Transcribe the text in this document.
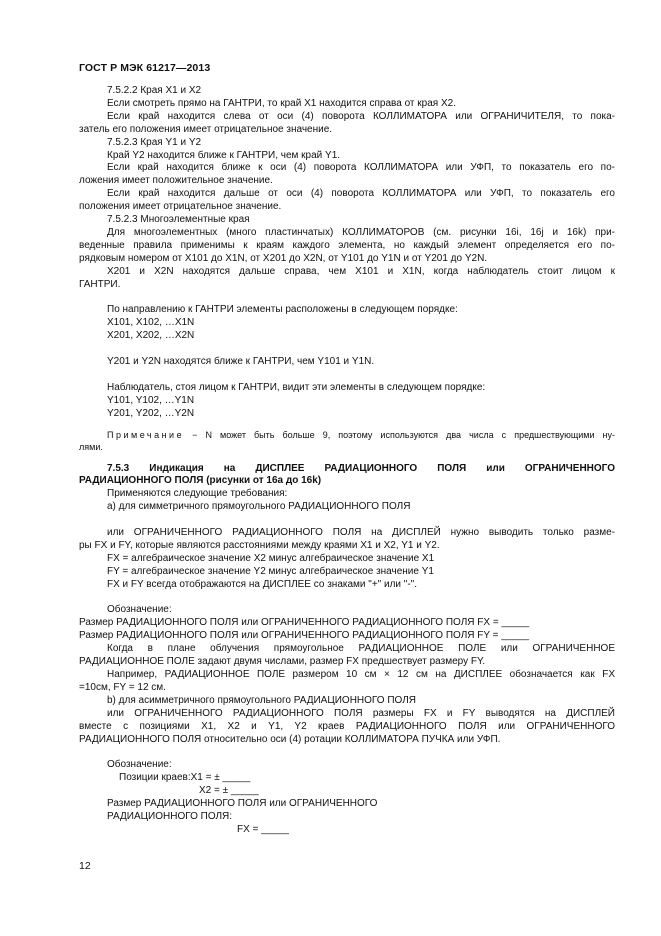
ГОСТ Р МЭК 61217—2013

7.5.2.2 Края X1 и X2

Если смотреть прямо на ГАНТРИ, то край X1 находится справа от края X2.

Если край находится слева от оси (4) поворота КОЛЛИМАТОРА или ОГРАНИЧИТЕЛЯ, то пока-

затель его положения имеет отрицательное значение.

7.5.2.3 Края Y1 и Y2

Край Y2 находится ближе к ГАНТРИ, чем край Y1.

Если край находится ближе к оси (4) поворота КОЛЛИМАТОРА или УФП, то показатель его по-

ложения имеет положительное значение.

Если край находится дальше от оси (4) поворота КОЛЛИМАТОРА или УФП, то показатель его

положения имеет отрицательное значение.

7.5.2.3 Многоэлементные края

Для многоэлементных (много пластинчатых) КОЛЛИМАТОРОВ (см. рисунки 16i, 16j и 16k) при-

веденные правила применимы к краям каждого элемента, но каждый элемент определяется его по-

рядковым номером от X101 до X1N, от X201 до X2N, от Y101 до Y1N и от Y201 до Y2N.

X201 и X2N находятся дальше справа, чем X101 и X1N, когда наблюдатель стоит лицом к

ГАНТРИ.

По направлению к ГАНТРИ элементы расположены в следующем порядке:

X101, X102, …X1N

X201, X202, …X2N

Y201 и Y2N находятся ближе к ГАНТРИ, чем Y101 и Y1N.

Наблюдатель, стоя лицом к ГАНТРИ, видит эти элементы в следующем порядке:

Y101, Y102, …Y1N

Y201, Y202, …Y2N

Примечание − N может быть больше 9, поэтому используются два числа с предшествующими ну-

лями.

7.5.3 Индикация на ДИСПЛЕЕ РАДИАЦИОННОГО ПОЛЯ или ОГРАНИЧЕННОГО

РАДИАЦИОННОГО ПОЛЯ (рисунки от 16а до 16k)

Применяются следующие требования:

a) для симметричного прямоугольного РАДИАЦИОННОГО ПОЛЯ

или ОГРАНИЧЕННОГО РАДИАЦИОННОГО ПОЛЯ на ДИСПЛЕЙ нужно выводить только разме-

ры FX и FY, которые являются расстояниями между краями X1 и X2, Y1 и Y2.

FX = алгебраическое значение X2 минус алгебраическое значение X1

FY = алгебраическое значение Y2 минус алгебраическое значение Y1

FX и FY всегда отображаются на ДИСПЛЕЕ со знаками "+" или "-".

Обозначение:

Размер РАДИАЦИОННОГО ПОЛЯ или ОГРАНИЧЕННОГО РАДИАЦИОННОГО ПОЛЯ FX = _____

Размер РАДИАЦИОННОГО ПОЛЯ или ОГРАНИЧЕННОГО РАДИАЦИОННОГО ПОЛЯ FY = _____

Когда в плане облучения прямоугольное РАДИАЦИОННОЕ ПОЛЕ или ОГРАНИЧЕННОЕ

РАДИАЦИОННОЕ ПОЛЕ задают двумя числами, размер FX предшествует размеру FY.

Например, РАДИАЦИОННОЕ ПОЛЕ размером 10 см × 12 см на ДИСПЛЕЕ обозначается как FX

=10см, FY = 12 см.

b) для асимметричного прямоугольного РАДИАЦИОННОГО ПОЛЯ

или ОГРАНИЧЕННОГО РАДИАЦИОННОГО ПОЛЯ размеры FX и FY выводятся на ДИСПЛЕЙ

вместе с позициями X1, X2 и Y1, Y2 краев РАДИАЦИОННОГО ПОЛЯ или ОГРАНИЧЕННОГО

РАДИАЦИОННОГО ПОЛЯ относительно оси (4) ротации КОЛЛИМАТОРА ПУЧКА или УФП.

Обозначение:

Позиции краев:X1 = ± _____

X2 = ± _____

Размер РАДИАЦИОННОГО ПОЛЯ или ОГРАНИЧЕННОГО

РАДИАЦИОННОГО ПОЛЯ:

FX = _____

12
